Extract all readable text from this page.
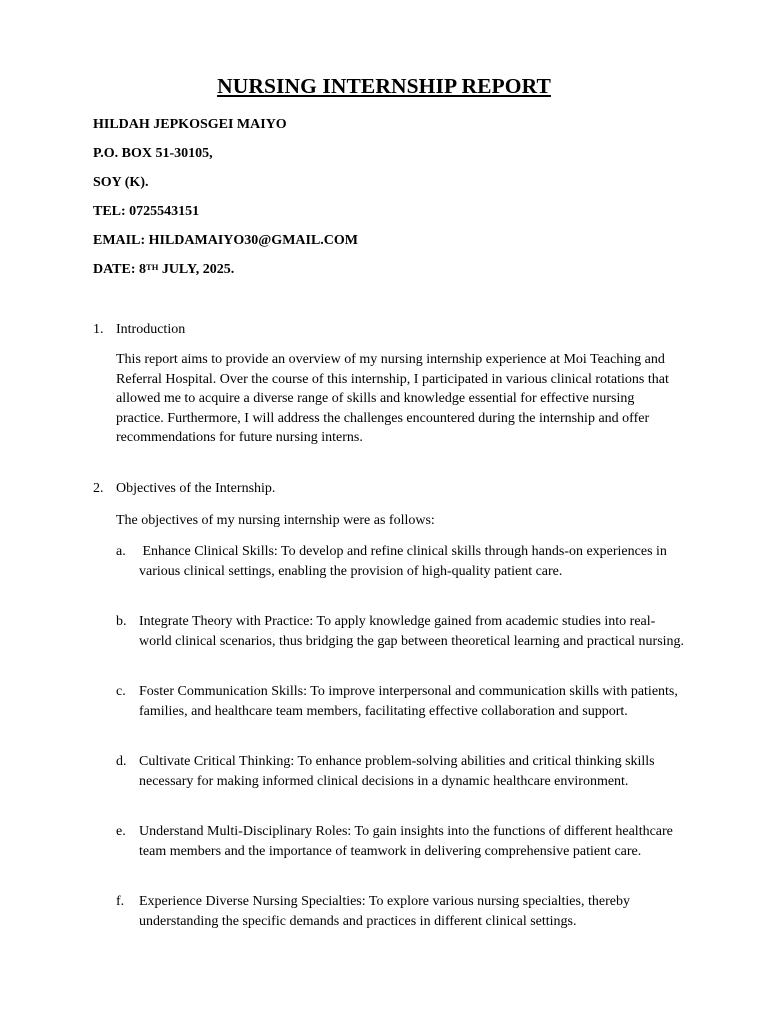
NURSING INTERNSHIP REPORT
HILDAH JEPKOSGEI MAIYO
P.O. BOX 51-30105,
SOY (K).
TEL: 0725543151
EMAIL: HILDAMAIYO30@GMAIL.COM
DATE: 8TH JULY, 2025.
1. Introduction
This report aims to provide an overview of my nursing internship experience at Moi Teaching and Referral Hospital. Over the course of this internship, I participated in various clinical rotations that allowed me to acquire a diverse range of skills and knowledge essential for effective nursing practice. Furthermore, I will address the challenges encountered during the internship and offer recommendations for future nursing interns.
2. Objectives of the Internship.
The objectives of my nursing internship were as follows:
a. Enhance Clinical Skills: To develop and refine clinical skills through hands-on experiences in various clinical settings, enabling the provision of high-quality patient care.
b. Integrate Theory with Practice: To apply knowledge gained from academic studies into real-world clinical scenarios, thus bridging the gap between theoretical learning and practical nursing.
c. Foster Communication Skills: To improve interpersonal and communication skills with patients, families, and healthcare team members, facilitating effective collaboration and support.
d. Cultivate Critical Thinking: To enhance problem-solving abilities and critical thinking skills necessary for making informed clinical decisions in a dynamic healthcare environment.
e. Understand Multi-Disciplinary Roles: To gain insights into the functions of different healthcare team members and the importance of teamwork in delivering comprehensive patient care.
f. Experience Diverse Nursing Specialties: To explore various nursing specialties, thereby understanding the specific demands and practices in different clinical settings.
